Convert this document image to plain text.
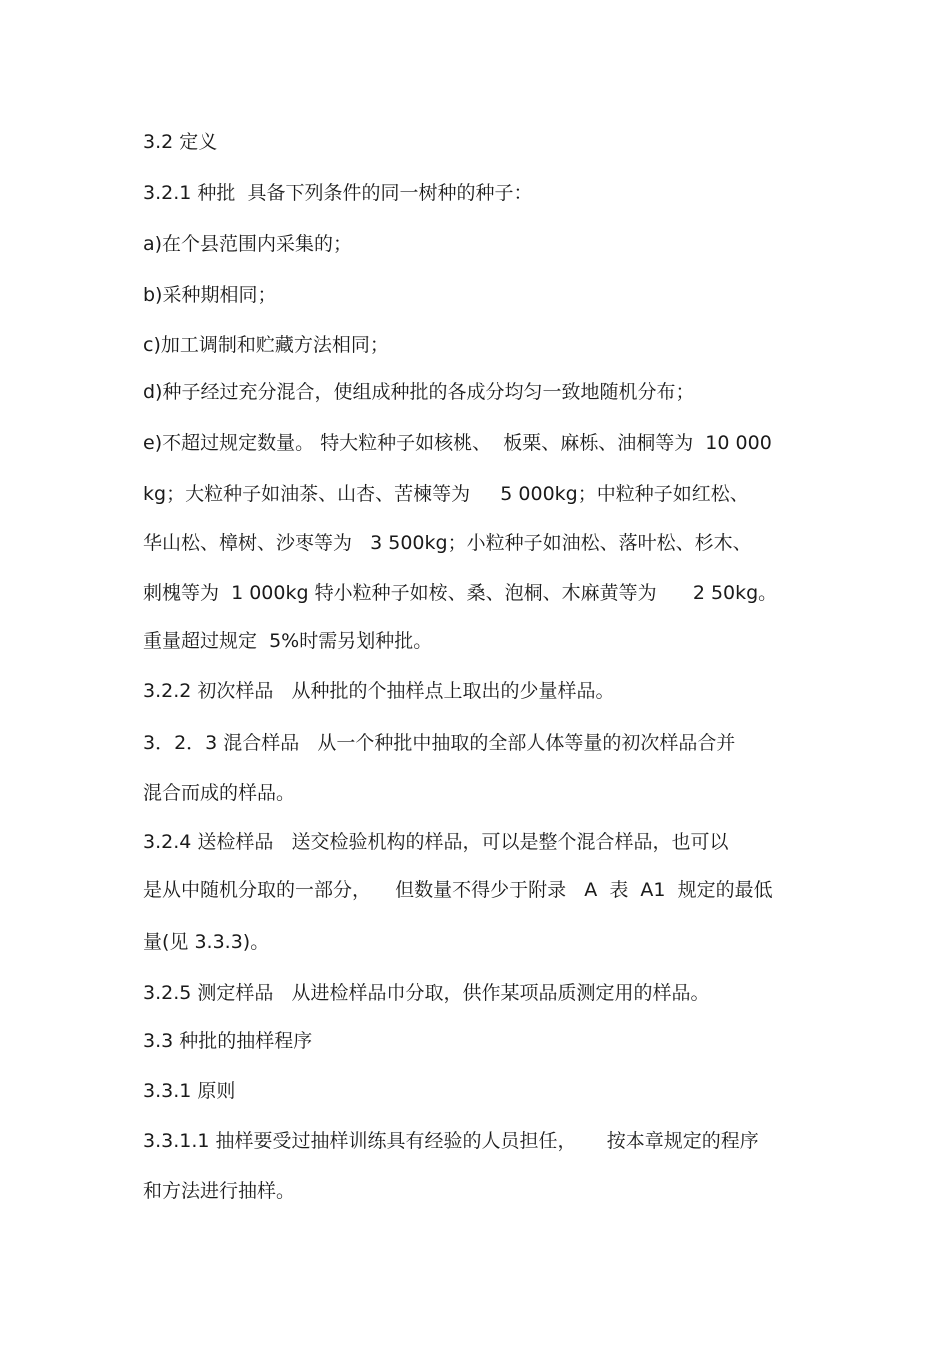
3.2 定义
3.2.1 种批  具备下列条件的同一树种的种子：
a)在个县范围内采集的；
b)采种期相同；
c)加工调制和贮藏方法相同；
d)种子经过充分混合，使组成种批的各成分均匀一致地随机分布；
e)不超过规定数量。 特大粒种子如核桃、  板栗、麻栎、油桐等为  10 000
kg；大粒种子如油茶、山杏、苦楝等为     5 000kg；中粒种子如红松、
华山松、樟树、沙枣等为   3 500kg；小粒种子如油松、落叶松、杉木、
刺槐等为  1 000kg 特小粒种子如桉、桑、泡桐、木麻黄等为      2 50kg。
重量超过规定  5%时需另划种批。
3.2.2 初次样品   从种批的个抽样点上取出的少量样品。
3．2．3 混合样品   从一个种批中抽取的全部人体等量的初次样品合并
混合而成的样品。
3.2.4 送检样品   送交检验机构的样品，可以是整个混合样品，也可以
是从中随机分取的一部分，    但数量不得少于附录   A  表  A1  规定的最低
量(见 3.3.3)。
3.2.5 测定样品   从进检样品巾分取，供作某项品质测定用的样品。
3.3 种批的抽样程序
3.3.1 原则
3.3.1.1 抽样要受过抽样训练具有经验的人员担任，     按本章规定的程序
和方法进行抽样。
